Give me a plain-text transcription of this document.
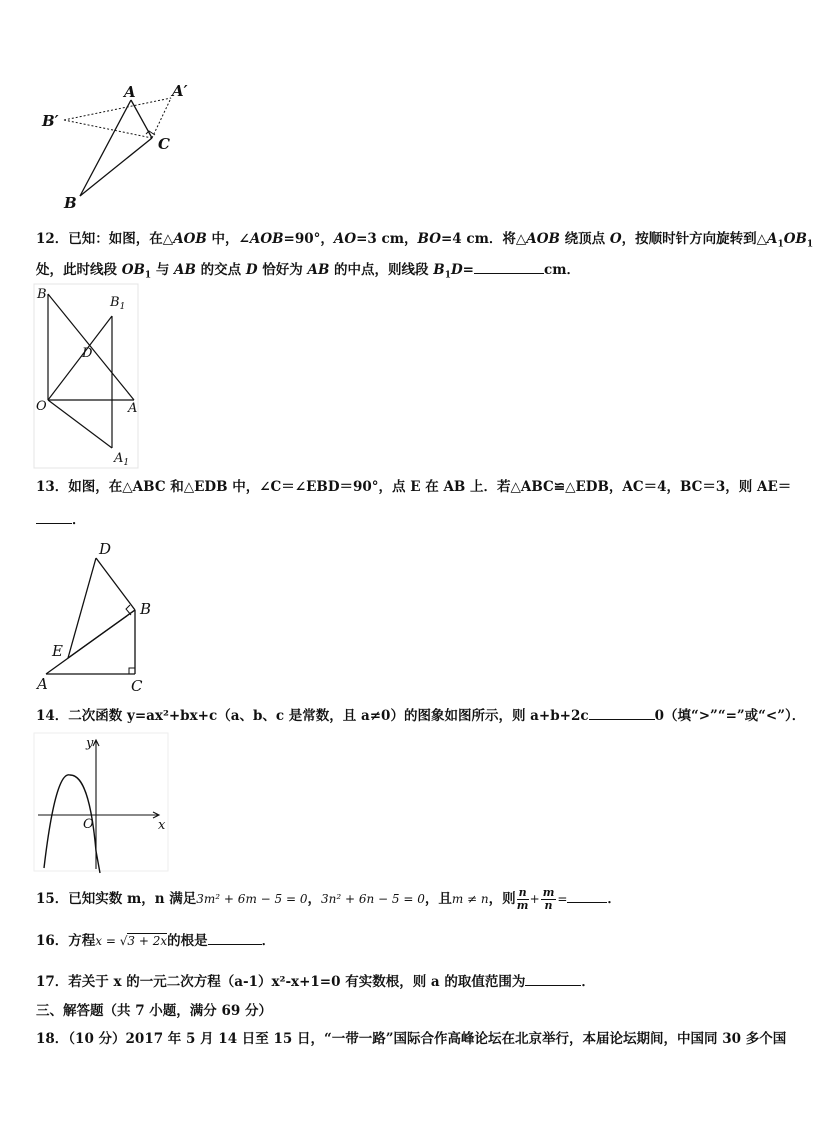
A A′
B′
C
B
12．已知：如图，在△AOB 中，∠AOB=90°，AO=3 cm，BO=4 cm．将△AOB 绕顶点 O，按顺时针方向旋转到$\triangle A_1OB_1$
处，此时线段 $OB_1$ 与 AB 的交点 D 恰好为 AB 的中点，则线段 $B_1D=$	cm．
B
$B_1$
D
O	A
$A_1$
13．如图，在△ABC 和△EDB 中，∠C＝∠EBD＝90°，点 E 在 AB 上．若△ABC≌△EDB，AC＝4，BC＝3，则 AE＝
．
D
B
E
A	C
14．二次函数 y=ax²+bx+c（a、b、c 是常数，且 a≠0）的图象如图所示，则 a+b+2c	0（填“>”“=”或“<”）．
y
x
O
15．已知实数 m，n 满足3m² + 6m − 5 = 0，3n² + 6n − 5 = 0，且m ≠ n，则 $\frac{n}{m} + \frac{m}{n}$ =	．
16．方程x = √3 + 2x的根是	．
17．若关于 x 的一元二次方程（a-1）x²-x+1=0 有实数根，则 a 的取值范围为	．
三、解答题（共 7 小题，满分 69 分）
18．（10 分）2017 年 5 月 14 日至 15 日，“一带一路”国际合作高峰论坛在北京举行，本届论坛期间，中国同 30 多个国
